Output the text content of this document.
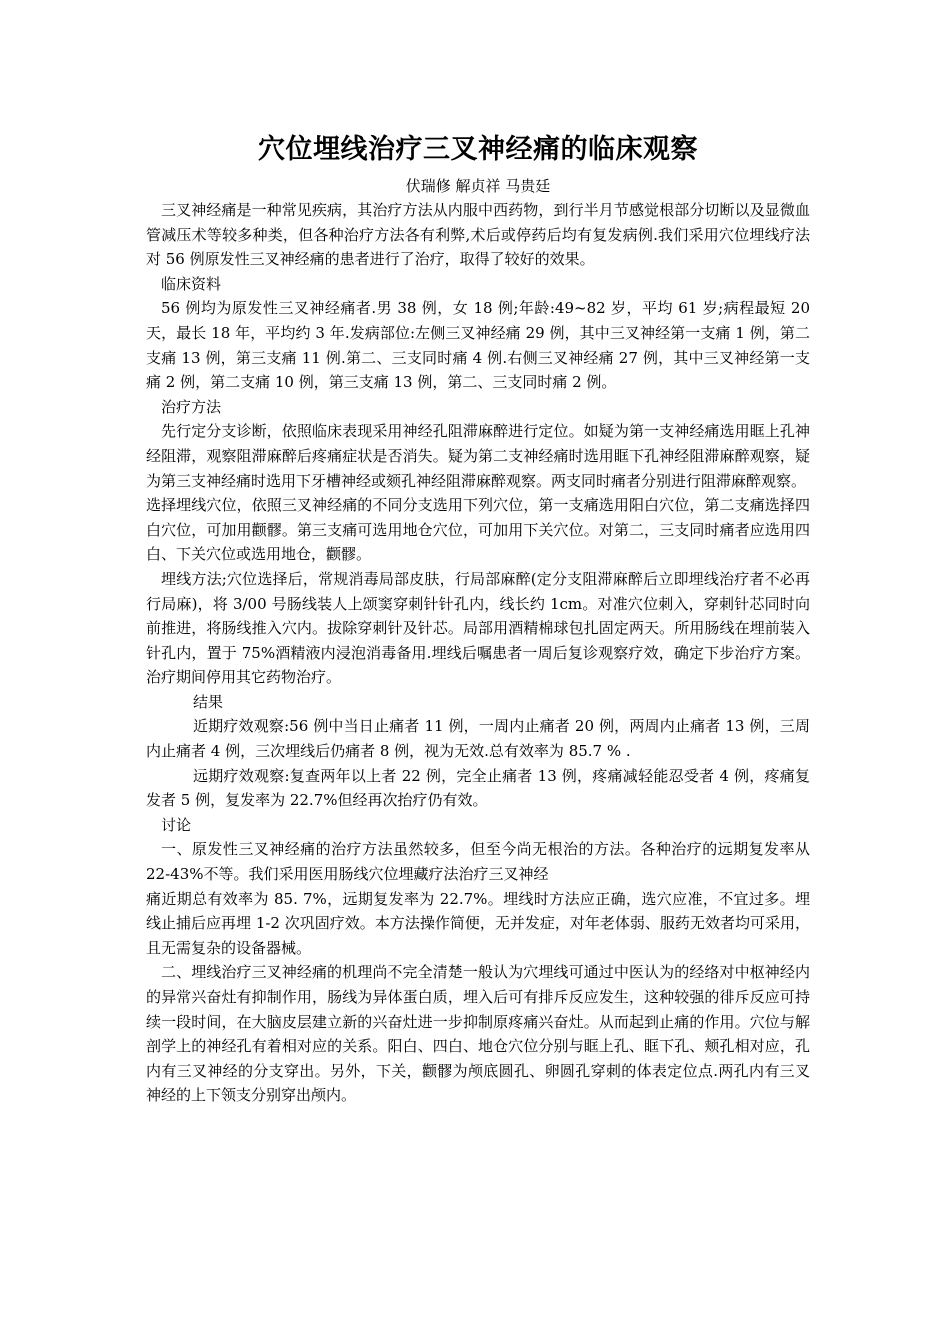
穴位埋线治疗三叉神经痛的临床观察
伏瑞修 解贞祥 马贵廷

三叉神经痛是一种常见疾病，其治疗方法从内服中西药物，到行半月节感觉根部分切断以及显微血管减压术等较多种类，但各种治疗方法各有利弊,术后或停药后均有复发病例.我们采用穴位埋线疗法对 56 例原发性三叉神经痛的患者进行了治疗，取得了较好的效果。

临床资料

56 例均为原发性三叉神经痛者.男 38 例，女 18 例;年龄:49~82 岁，平均 61 岁;病程最短 20 天，最长 18 年，平均约 3 年.发病部位:左侧三叉神经痛 29 例，其中三叉神经第一支痛 1 例，第二支痛 13 例，第三支痛 11 例.第二、三支同时痛 4 例.右侧三叉神经痛 27 例，其中三叉神经第一支痛 2 例，第二支痛 10 例，第三支痛 13 例，第二、三支同时痛 2 例。

治疗方法

先行定分支诊断，依照临床表现采用神经孔阻滞麻醉进行定位。如疑为第一支神经痛选用眶上孔神经阻滞，观察阻滞麻醉后疼痛症状是否消失。疑为第二支神经痛时选用眶下孔神经阻滞麻醉观察，疑为第三支神经痛时选用下牙槽神经或颏孔神经阻滞麻醉观察。两支同时痛者分别进行阻滞麻醉观察。

选择埋线穴位，依照三叉神经痛的不同分支选用下列穴位，第一支痛选用阳白穴位，第二支痛选择四白穴位，可加用颧髎。第三支痛可选用地仓穴位，可加用下关穴位。对第二，三支同时痛者应选用四白、下关穴位或选用地仓，颧髎。

埋线方法;穴位选择后，常规消毒局部皮肤，行局部麻醉(定分支阻滞麻醉后立即埋线治疗者不必再行局麻)，将 3/00 号肠线装人上颂窦穿刺针针孔内，线长约 1cm。对准穴位刺入，穿刺针芯同时向前推进，将肠线推入穴内。拔除穿刺针及针芯。局部用酒精棉球包扎固定两天。所用肠线在埋前装入针孔内，置于 75%酒精液内浸泡消毒备用.埋线后嘱患者一周后复诊观察疗效，确定下步治疗方案。治疗期间停用其它药物治疗。

结果

近期疗效观察:56 例中当日止痛者 11 例，一周内止痛者 20 例，两周内止痛者 13 例，三周内止痛者 4 例，三次埋线后仍痛者 8 例，视为无效.总有效率为 85.7 % .

远期疗效观察:复查两年以上者 22 例，完全止痛者 13 例，疼痛减轻能忍受者 4 例，疼痛复发者 5 例，复发率为 22.7%但经再次抬疗仍有效。

讨论

一、原发性三叉神经痛的治疗方法虽然较多，但至今尚无根治的方法。各种治疗的远期复发率从 22-43%不等。我们采用医用肠线穴位埋藏疗法治疗三叉神经

痛近期总有效率为 85. 7%，远期复发率为 22.7%。埋线时方法应正确，选穴应准，不宜过多。埋线止捕后应再埋 1-2 次巩固疗效。本方法操作简便，无并发症，对年老体弱、服药无效者均可采用，且无需复杂的设备器械。

二、埋线治疗三叉神经痛的机理尚不完全清楚一般认为穴埋线可通过中医认为的经络对中枢神经内的异常兴奋灶有抑制作用，肠线为异体蛋白质，埋入后可有排斥反应发生，这种较强的徘斥反应可持续一段时间，在大脑皮层建立新的兴奋灶进一步抑制原疼痛兴奋灶。从而起到止痛的作用。穴位与解剖学上的神经孔有着相对应的关系。阳白、四白、地仓穴位分别与眶上孔、眶下孔、颊孔相对应，孔内有三叉神经的分支穿出。另外，下关，颧髎为颅底圆孔、卵圆孔穿刺的体表定位点.两孔内有三叉神经的上下领支分别穿出颅内。
